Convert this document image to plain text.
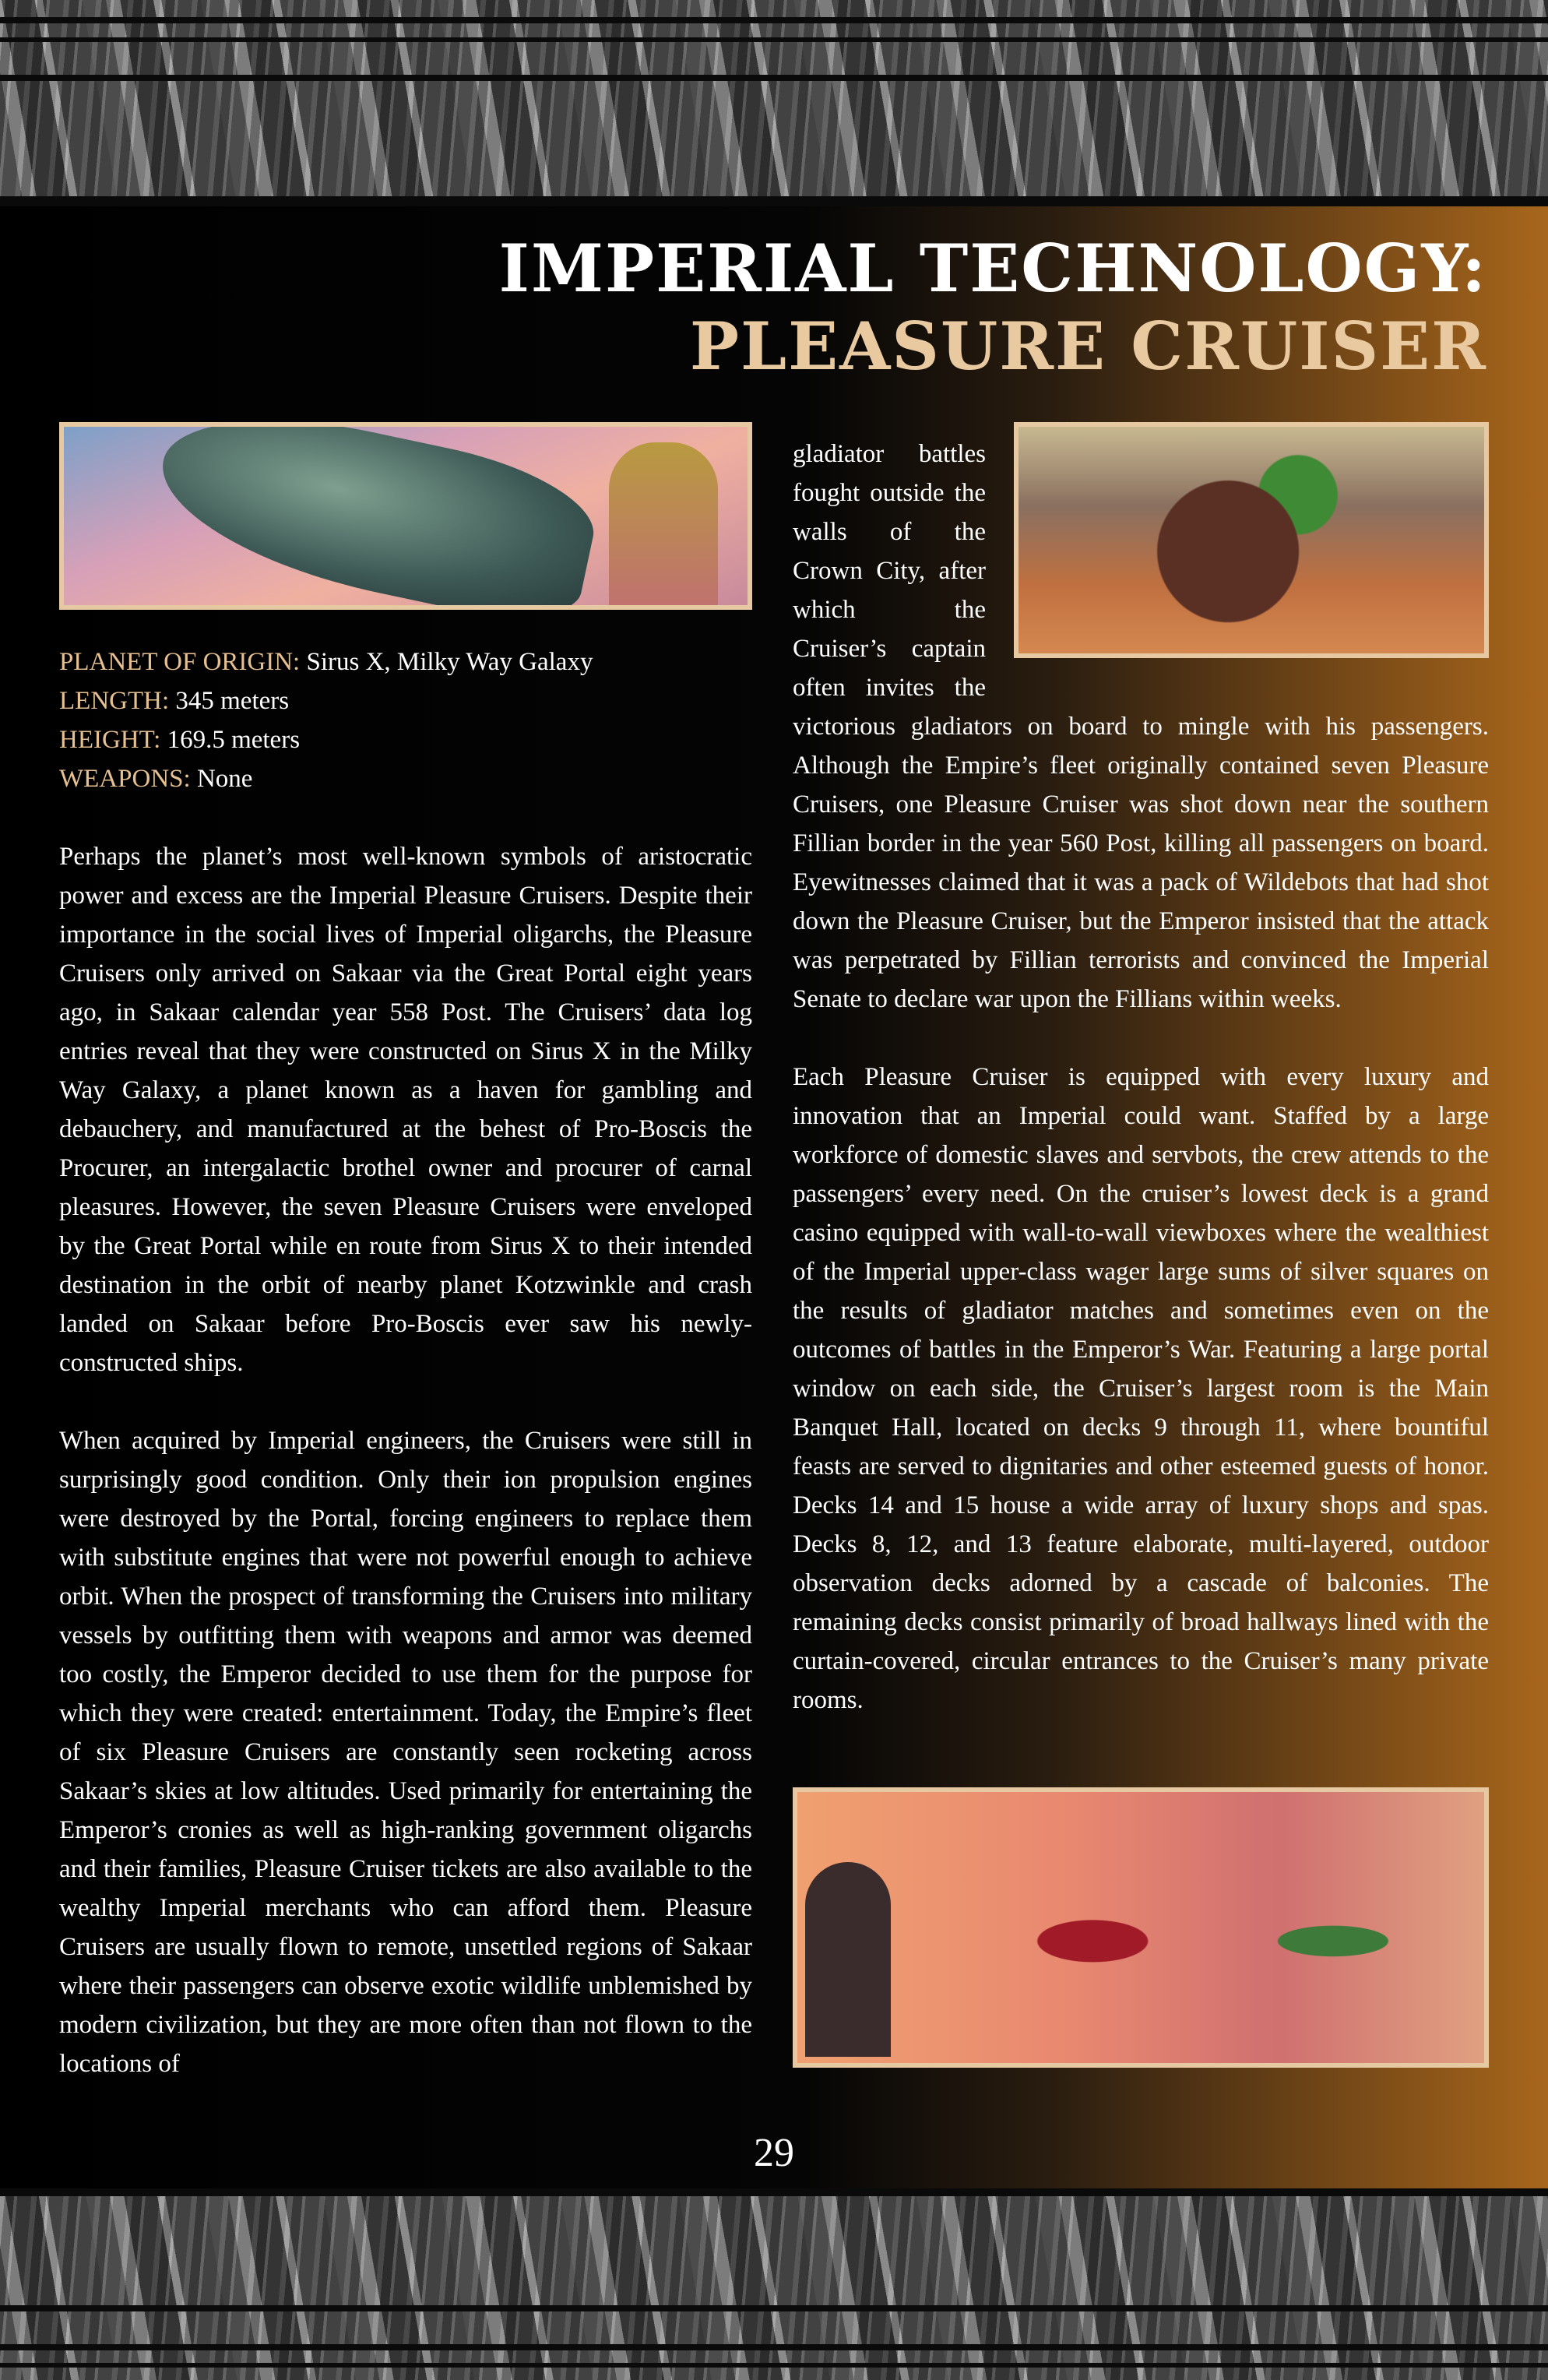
IMPERIAL TECHNOLOGY:
PLEASURE CRUISER
PLANET OF ORIGIN: Sirus X, Milky Way Galaxy
LENGTH: 345 meters
HEIGHT: 169.5 meters
WEAPONS: None

Perhaps the planet’s most well-known symbols of aristocratic power and excess are the Imperial Pleasure Cruisers. Despite their importance in the social lives of Imperial oligarchs, the Pleasure Cruisers only arrived on Sakaar via the Great Portal eight years ago, in Sakaar calendar year 558 Post. The Cruisers’ data log entries reveal that they were constructed on Sirus X in the Milky Way Galaxy, a planet known as a haven for gambling and debauchery, and manufactured at the behest of Pro-Boscis the Procurer, an intergalactic brothel owner and procurer of carnal pleasures. However, the seven Pleasure Cruisers were enveloped by the Great Portal while en route from Sirus X to their intended destination in the orbit of nearby planet Kotzwinkle and crash landed on Sakaar before Pro-Boscis ever saw his newly-constructed ships.

When acquired by Imperial engineers, the Cruisers were still in surprisingly good condition. Only their ion propulsion engines were destroyed by the Portal, forcing engineers to replace them with substitute engines that were not powerful enough to achieve orbit. When the prospect of transforming the Cruisers into military vessels by outfitting them with weapons and armor was deemed too costly, the Emperor decided to use them for the purpose for which they were created: entertainment. Today, the Empire’s fleet of six Pleasure Cruisers are constantly seen rocketing across Sakaar’s skies at low altitudes. Used primarily for entertaining the Emperor’s cronies as well as high-ranking government oligarchs and their families, Pleasure Cruiser tickets are also available to the wealthy Imperial merchants who can afford them. Pleasure Cruisers are usually flown to remote, unsettled regions of Sakaar where their passengers can observe exotic wildlife unblemished by modern civilization, but they are more often than not flown to the locations of

gladiator battles fought outside the walls of the Crown City, after which the Cruiser’s captain often invites the victorious gladiators on board to mingle with his passengers. Although the Empire’s fleet originally contained seven Pleasure Cruisers, one Pleasure Cruiser was shot down near the southern Fillian border in the year 560 Post, killing all passengers on board. Eyewitnesses claimed that it was a pack of Wildebots that had shot down the Pleasure Cruiser, but the Emperor insisted that the attack was perpetrated by Fillian terrorists and convinced the Imperial Senate to declare war upon the Fillians within weeks.

Each Pleasure Cruiser is equipped with every luxury and innovation that an Imperial could want. Staffed by a large workforce of domestic slaves and servbots, the crew attends to the passengers’ every need. On the cruiser’s lowest deck is a grand casino equipped with wall-to-wall viewboxes where the wealthiest of the Imperial upper-class wager large sums of silver squares on the results of gladiator matches and sometimes even on the outcomes of battles in the Emperor’s War. Featuring a large portal window on each side, the Cruiser’s largest room is the Main Banquet Hall, located on decks 9 through 11, where bountiful feasts are served to dignitaries and other esteemed guests of honor. Decks 14 and 15 house a wide array of luxury shops and spas. Decks 8, 12, and 13 feature elaborate, multi-layered, outdoor observation decks adorned by a cascade of balconies. The remaining decks consist primarily of broad hallways lined with the curtain-covered, circular entrances to the Cruiser’s many private rooms.

29
